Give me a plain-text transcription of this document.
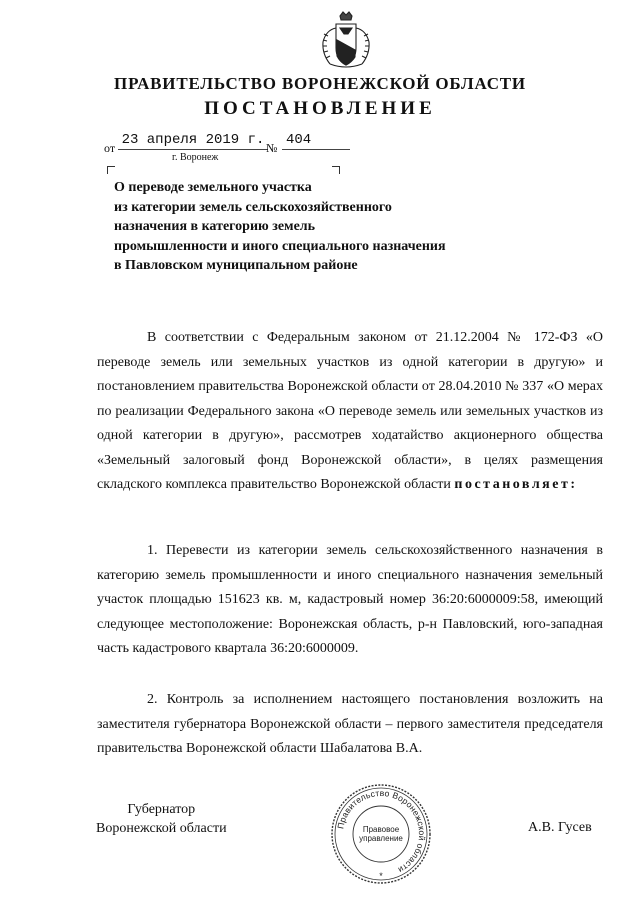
ПРАВИТЕЛЬСТВО ВОРОНЕЖСКОЙ ОБЛАСТИ
ПОСТАНОВЛЕНИЕ
от 23 апреля 2019 г. № 404
г. Воронеж
О переводе земельного участка
из категории земель сельскохозяйственного
назначения в категорию земель
промышленности и иного специального назначения
в Павловском муниципальном районе
В соответствии с Федеральным законом от 21.12.2004 № 172-ФЗ «О переводе земель или земельных участков из одной категории в другую» и постановлением правительства Воронежской области от 28.04.2010 № 337 «О мерах по реализации Федерального закона «О переводе земель или земельных участков из одной категории в другую», рассмотрев ходатайство акционерного общества «Земельный залоговый фонд Воронежской области», в целях размещения складского комплекса правительство Воронежской области постановляет:
1. Перевести из категории земель сельскохозяйственного назначения в категорию земель промышленности и иного специального назначения земельный участок площадью 151623 кв. м, кадастровый номер 36:20:6000009:58, имеющий следующее местоположение: Воронежская область, р-н Павловский, юго-западная часть кадастрового квартала 36:20:6000009.
2. Контроль за исполнением настоящего постановления возложить на заместителя губернатора Воронежской области – первого заместителя председателя правительства Воронежской области Шабалатова В.А.
Губернатор
Воронежской области	А.В. Гусев
Правительство Воронежской области
Правовое
управление
*
